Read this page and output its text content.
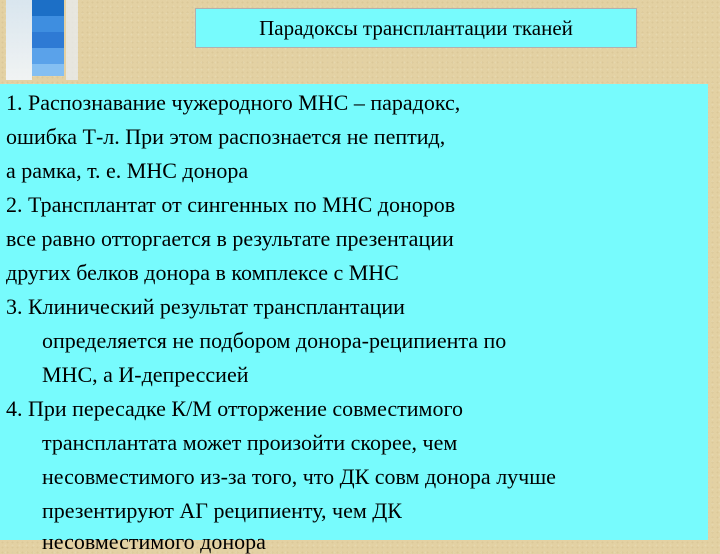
Парадоксы трансплантации тканей
1. Распознавание чужеродного МНС – парадокс,
ошибка Т-л. При этом распознается не пептид,
а рамка, т. е. МНС донора
2. Трансплантат от сингенных по МНС доноров
все равно отторгается в результате презентации
других белков донора в комплексе с МНС
3. Клинический результат трансплантации
определяется не подбором донора-реципиента по
МНС, а И-депрессией
4. При пересадке К/М отторжение совместимого
трансплантата может произойти скорее, чем
несовместимого из-за того, что ДК совм донора лучше
презентируют АГ реципиенту, чем ДК
несовместимого донора
